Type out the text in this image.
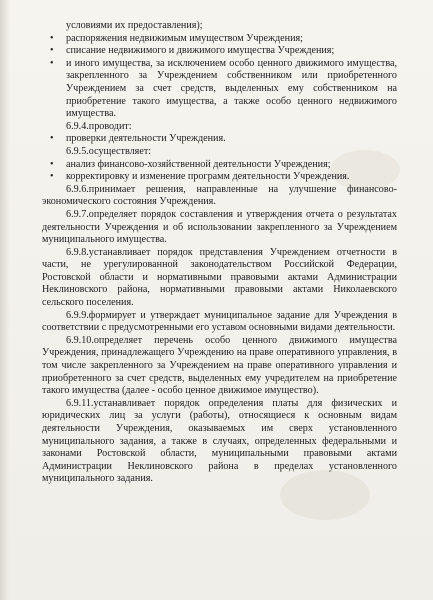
условиями их предоставления);

• распоряжения недвижимым имуществом Учреждения;
• списание недвижимого и движимого имущества Учреждения;
• и иного имущества, за исключением особо ценного движимого имущества, закрепленного за Учреждением собственником или приобретенного Учреждением за счет средств, выделенных ему собственником на приобретение такого имущества, а также особо ценного недвижимого имущества.

6.9.4.проводит:

• проверки деятельности Учреждения.

6.9.5.осуществляет:

• анализ финансово-хозяйственной деятельности Учреждения;
• корректировку и изменение программ деятельности Учреждения.

6.9.6.принимает решения, направленные на улучшение финансово-экономического состояния Учреждения.

6.9.7.определяет порядок составления и утверждения отчета о результатах деятельности Учреждения и об использовании закрепленного за Учреждением муниципального имущества.

6.9.8.устанавливает порядок представления Учреждением отчетности в части, не урегулированной законодательством Российской Федерации, Ростовской области и нормативными правовыми актами Администрации Неклиновского района, нормативными правовыми актами Николаевского сельского поселения.

6.9.9.формирует и утверждает муниципальное задание для Учреждения в соответствии с предусмотренными его уставом основными видами деятельности.

6.9.10.определяет перечень особо ценного движимого имущества Учреждения, принадлежащего Учреждению на праве оперативного управления, в том числе закрепленного за Учреждением на праве оперативного управления и приобретенного за счет средств, выделенных ему учредителем на приобретение такого имущества (далее - особо ценное движимое имущество).

6.9.11.устанавливает порядок определения платы для физических и юридических лиц за услуги (работы), относящиеся к основным видам деятельности Учреждения, оказываемых им сверх установленного муниципального задания, а также в случаях, определенных федеральными и законами Ростовской области, муниципальными правовыми актами Администрации Неклиновского района в пределах установленного муниципального задания.
